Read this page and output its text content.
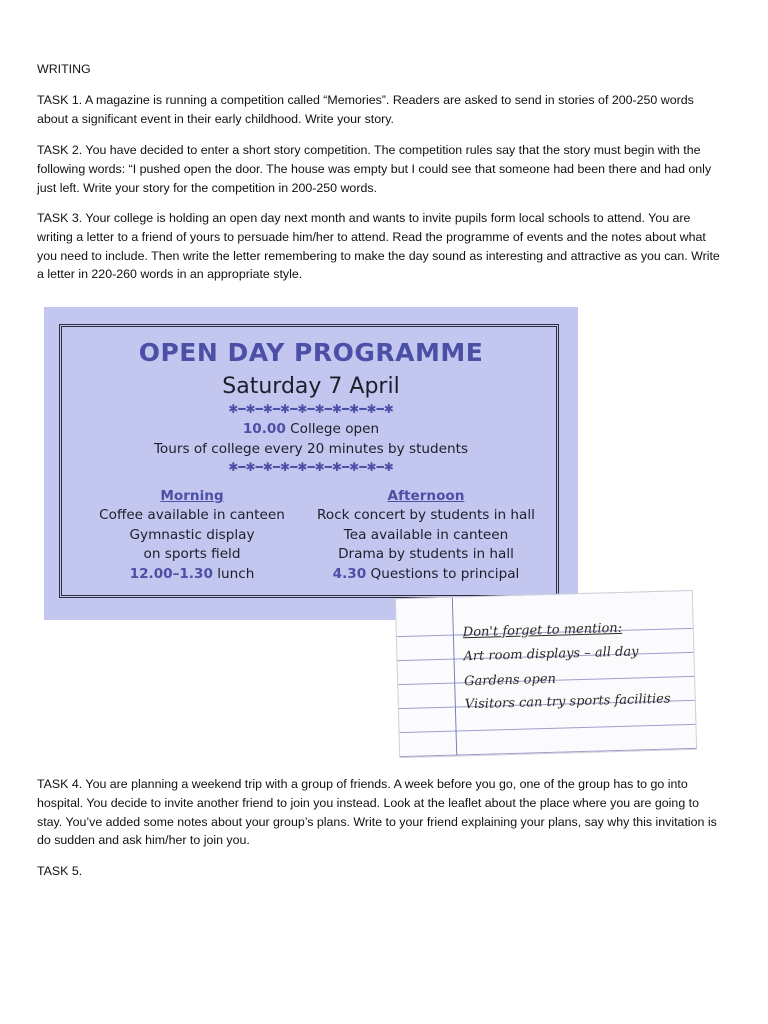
WRITING

TASK 1. A magazine is running a competition called “Memories”. Readers are asked to send in stories of 200-250 words about a significant event in their early childhood. Write your story.

TASK 2. You have decided to enter a short story competition. The competition rules say that the story must begin with the following words: “I pushed open the door. The house was empty but I could see that someone had been there and had only just left. Write your story for the competition in 200-250 words.

TASK 3. Your college is holding an open day next month and wants to invite pupils form local schools to attend. You are writing a letter to a friend of yours to persuade him/her to attend. Read the programme of events and the notes about what you need to include. Then write the letter remembering to make the day sound as interesting and attractive as you can. Write a letter in 220-260 words in an appropriate style.

OPEN DAY PROGRAMME

Saturday 7 April

✱━✱━✱━✱━✱━✱━✱━✱━✱━✱

10.00 College open

Tours of college every 20 minutes by students

✱━✱━✱━✱━✱━✱━✱━✱━✱━✱
Morning
Coffee available in canteen
Gymnastic display
on sports field
12.00–1.30 lunch
Afternoon
Rock concert by students in hall
Tea available in canteen
Drama by students in hall
4.30 Questions to principal
Don't forget to mention:
Art room displays – all day
Gardens open
Visitors can try sports facilities

TASK 4. You are planning a weekend trip with a group of friends. A week before you go, one of the group has to go into hospital. You decide to invite another friend to join you instead. Look at the leaflet about the place where you are going to stay. You’ve added some notes about your group’s plans. Write to your friend explaining your plans, say why this invitation is do sudden and ask him/her to join you.

TASK 5.
